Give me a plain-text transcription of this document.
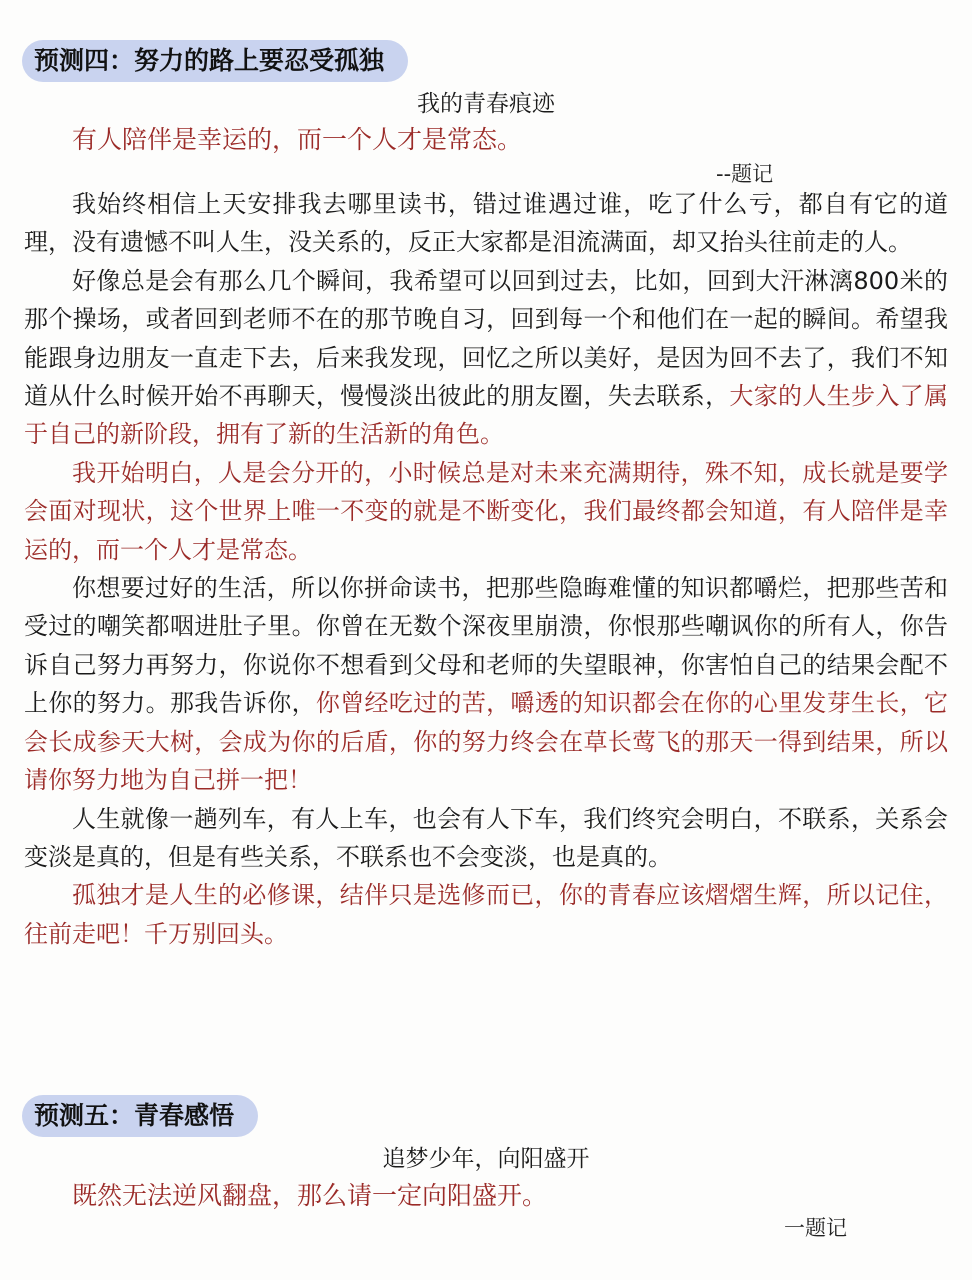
预测四：努力的路上要忍受孤独
我的青春痕迹
有人陪伴是幸运的，而一个人才是常态。
--题记

我始终相信上天安排我去哪里读书，错过谁遇过谁，吃了什么亏，都自有它的道理，没有遗憾不叫人生，没关系的，反正大家都是泪流满面，却又抬头往前走的人。

好像总是会有那么几个瞬间，我希望可以回到过去，比如，回到大汗淋漓800米的那个操场，或者回到老师不在的那节晚自习，回到每一个和他们在一起的瞬间。希望我能跟身边朋友一直走下去，后来我发现，回忆之所以美好，是因为回不去了，我们不知道从什么时候开始不再聊天，慢慢淡出彼此的朋友圈，失去联系，大家的人生步入了属于自己的新阶段，拥有了新的生活新的角色。

我开始明白，人是会分开的，小时候总是对未来充满期待，殊不知，成长就是要学会面对现状，这个世界上唯一不变的就是不断变化，我们最终都会知道，有人陪伴是幸运的，而一个人才是常态。

你想要过好的生活，所以你拼命读书，把那些隐晦难懂的知识都嚼烂，把那些苦和受过的嘲笑都咽进肚子里。你曾在无数个深夜里崩溃，你恨那些嘲讽你的所有人，你告诉自己努力再努力，你说你不想看到父母和老师的失望眼神，你害怕自己的结果会配不上你的努力。那我告诉你，你曾经吃过的苦，嚼透的知识都会在你的心里发芽生长，它会长成参天大树，会成为你的后盾，你的努力终会在草长莺飞的那天一得到结果，所以请你努力地为自己拼一把！

人生就像一趟列车，有人上车，也会有人下车，我们终究会明白，不联系，关系会变淡是真的，但是有些关系，不联系也不会变淡，也是真的。

孤独才是人生的必修课，结伴只是选修而已，你的青春应该熠熠生辉，所以记住，往前走吧！千万别回头。

预测五：青春感悟
追梦少年，向阳盛开
既然无法逆风翻盘，那么请一定向阳盛开。
一题记
